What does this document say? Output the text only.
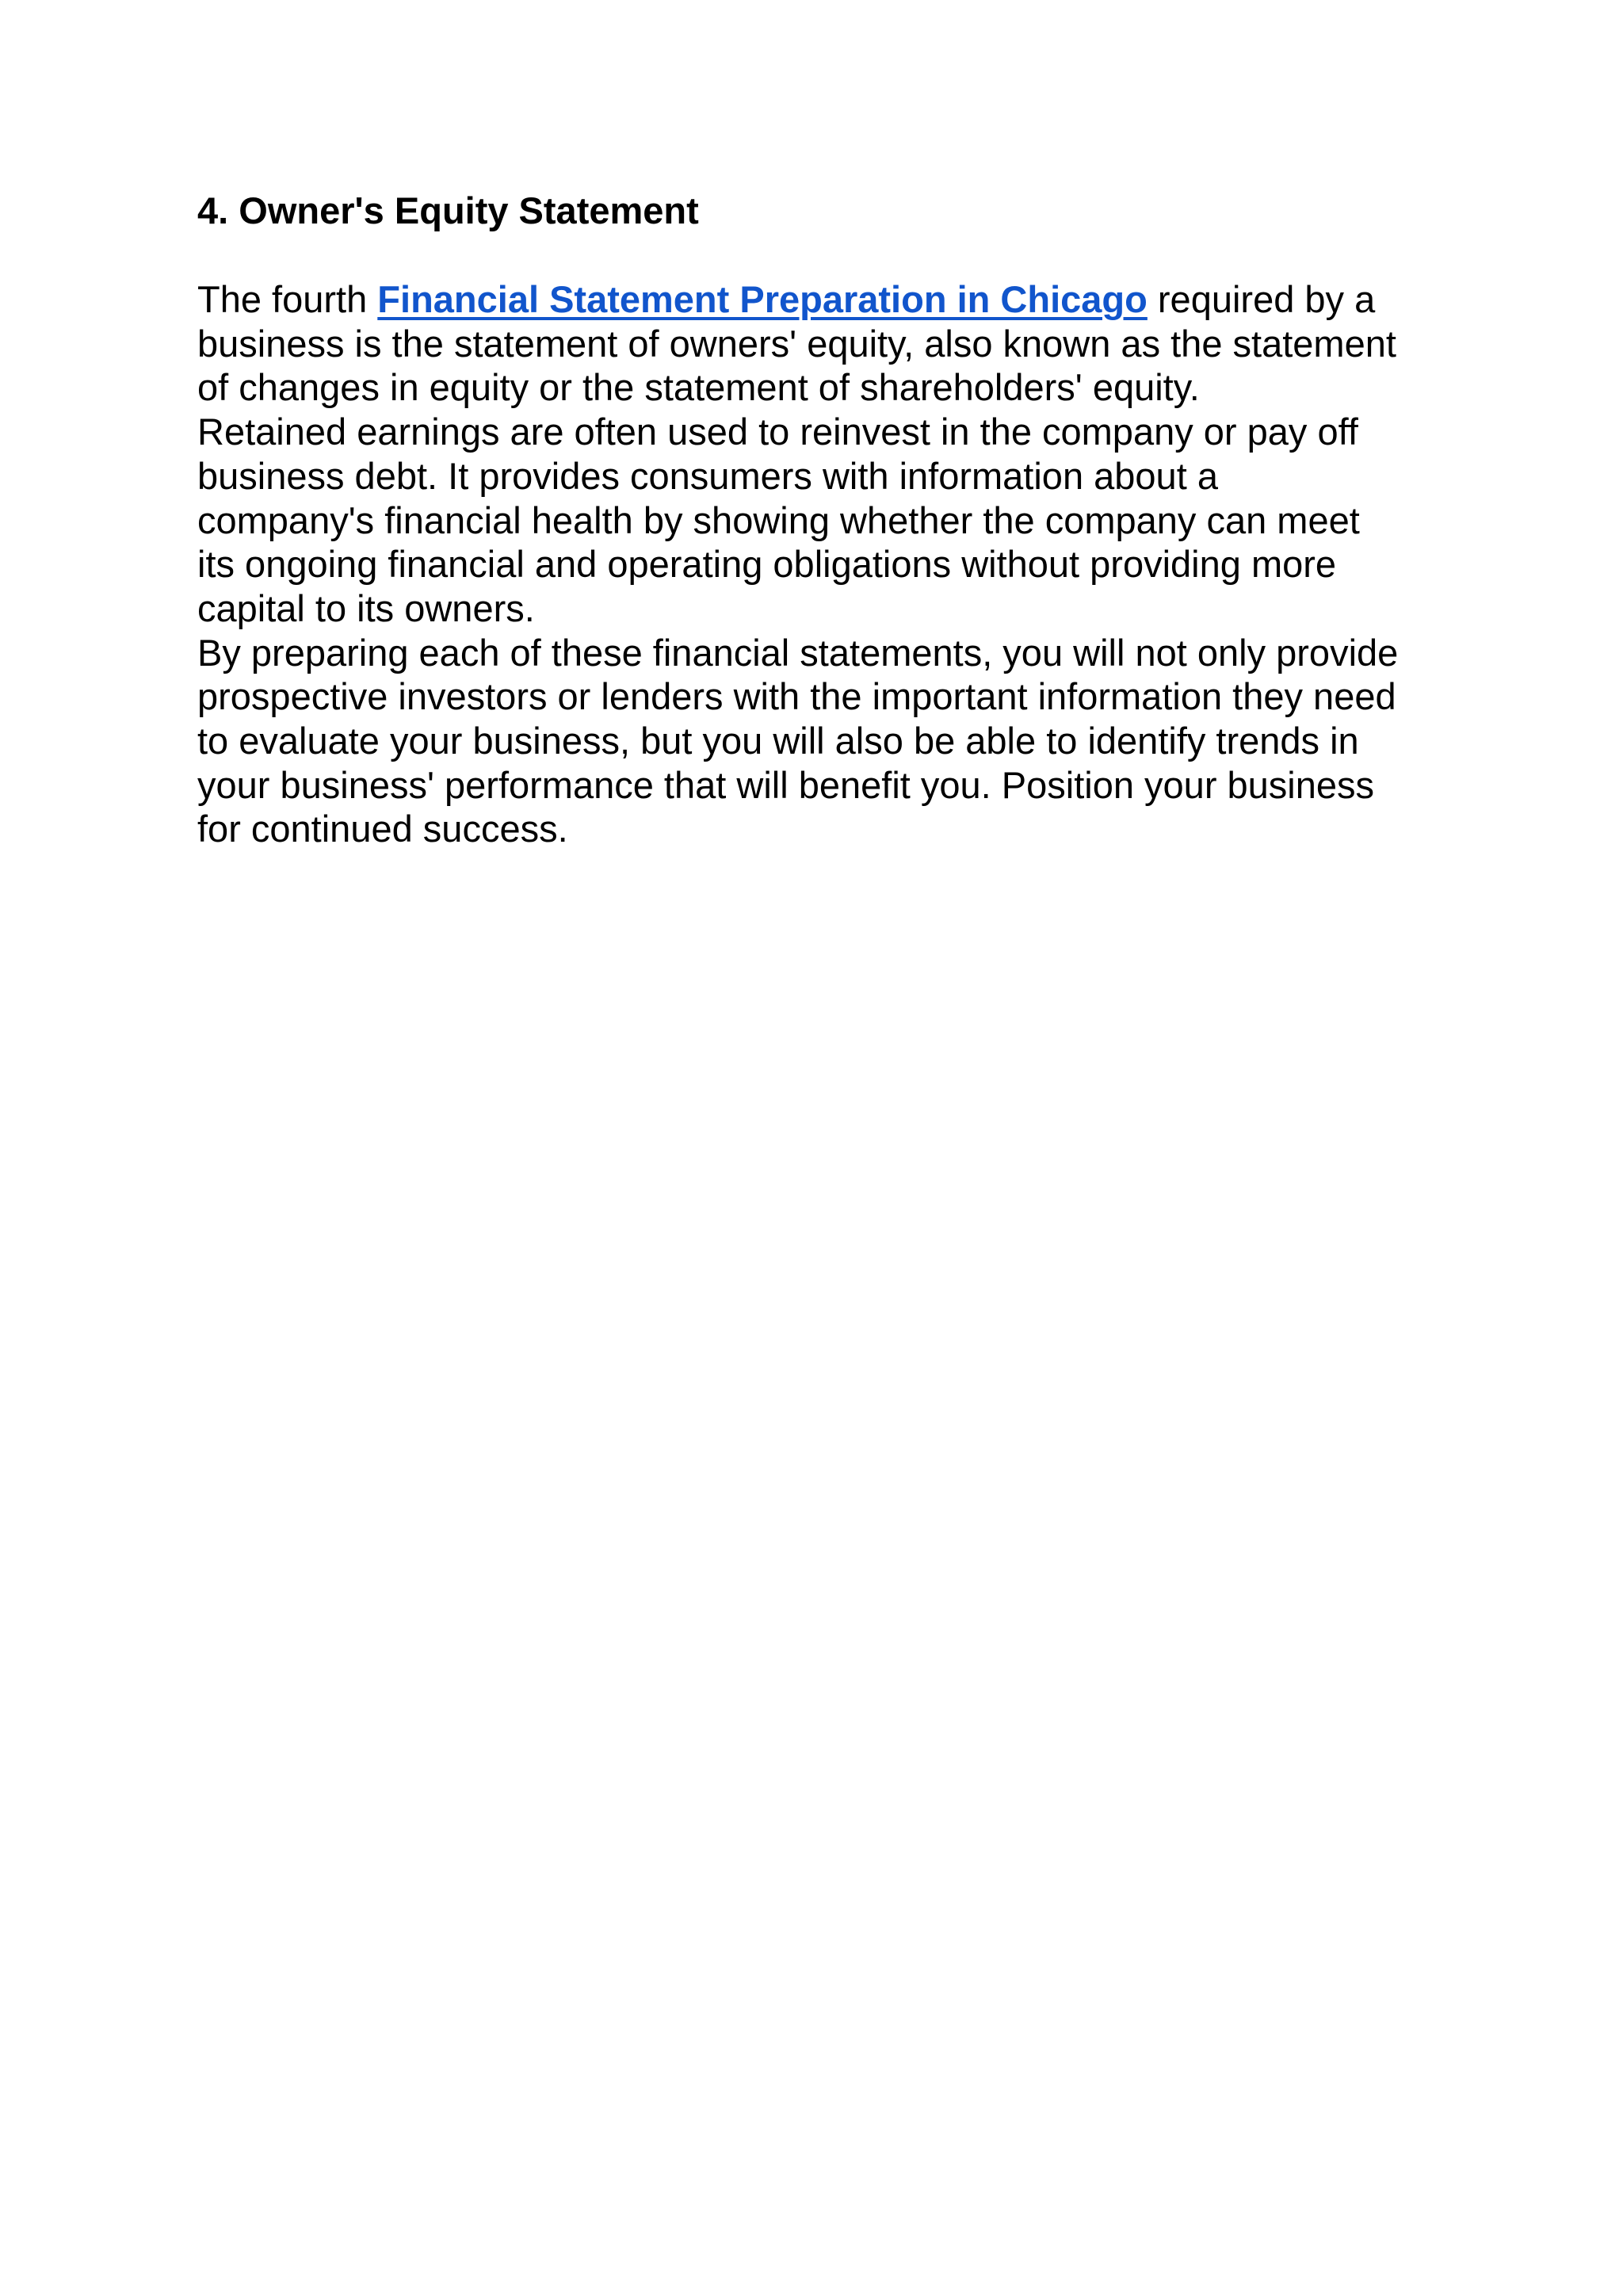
4. Owner's Equity Statement

The fourth Financial Statement Preparation in Chicago required by a
business is the statement of owners' equity, also known as the statement
of changes in equity or the statement of shareholders' equity.

Retained earnings are often used to reinvest in the company or pay off
business debt. It provides consumers with information about a
company's financial health by showing whether the company can meet
its ongoing financial and operating obligations without providing more
capital to its owners.

By preparing each of these financial statements, you will not only provide
prospective investors or lenders with the important information they need
to evaluate your business, but you will also be able to identify trends in
your business' performance that will benefit you. Position your business
for continued success.
